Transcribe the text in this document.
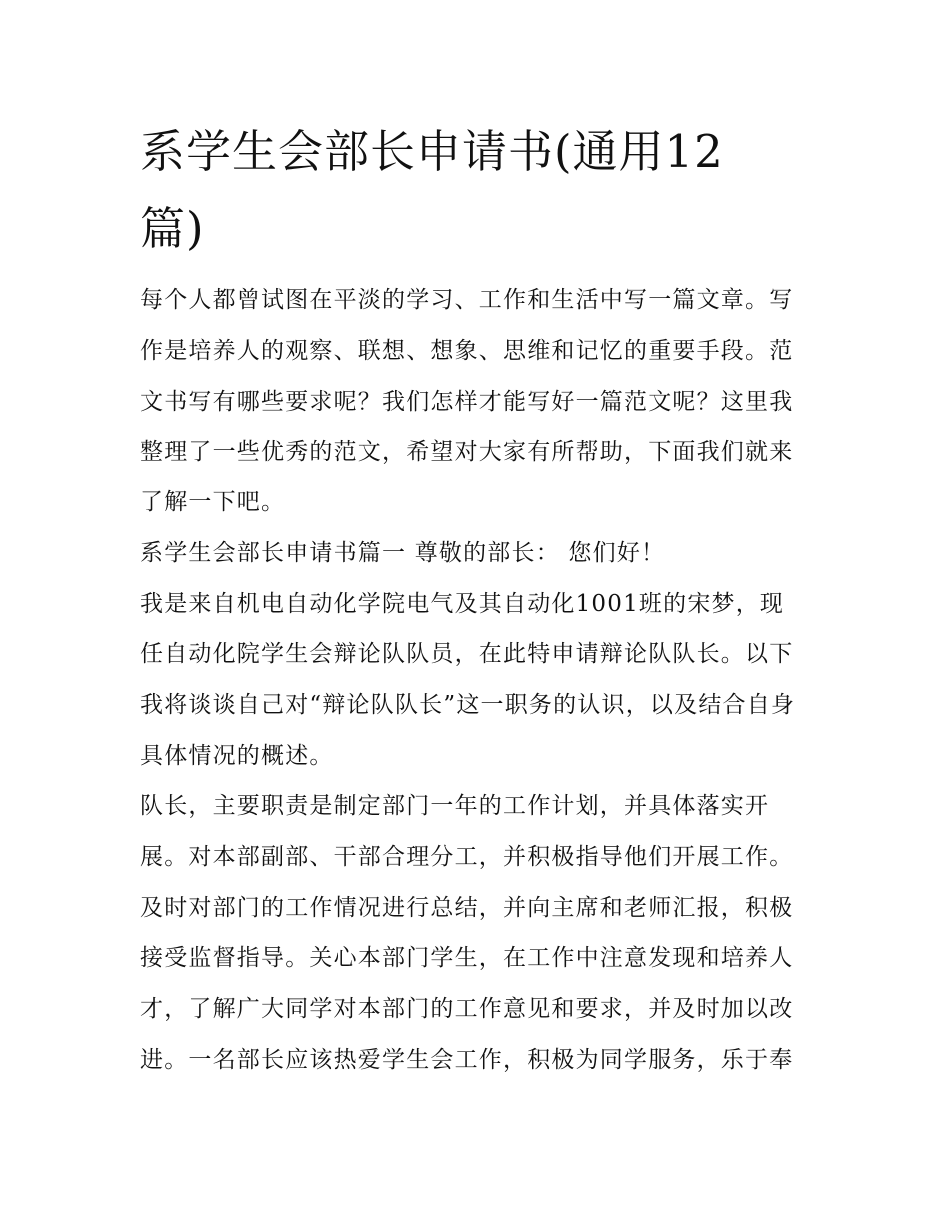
系学生会部长申请书(通用12
篇)

每个人都曾试图在平淡的学习、工作和生活中写一篇文章。写

作是培养人的观察、联想、想象、思维和记忆的重要手段。范

文书写有哪些要求呢？我们怎样才能写好一篇范文呢？这里我

整理了一些优秀的范文，希望对大家有所帮助，下面我们就来

了解一下吧。

系学生会部长申请书篇一 尊敬的部长： 您们好！

我是来自机电自动化学院电气及其自动化1001班的宋梦，现

任自动化院学生会辩论队队员，在此特申请辩论队队长。以下

我将谈谈自己对“辩论队队长”这一职务的认识，以及结合自身

具体情况的概述。

队长，主要职责是制定部门一年的工作计划，并具体落实开

展。对本部副部、干部合理分工，并积极指导他们开展工作。

及时对部门的工作情况进行总结，并向主席和老师汇报，积极

接受监督指导。关心本部门学生，在工作中注意发现和培养人

才，了解广大同学对本部门的工作意见和要求，并及时加以改

进。一名部长应该热爱学生会工作，积极为同学服务，乐于奉
